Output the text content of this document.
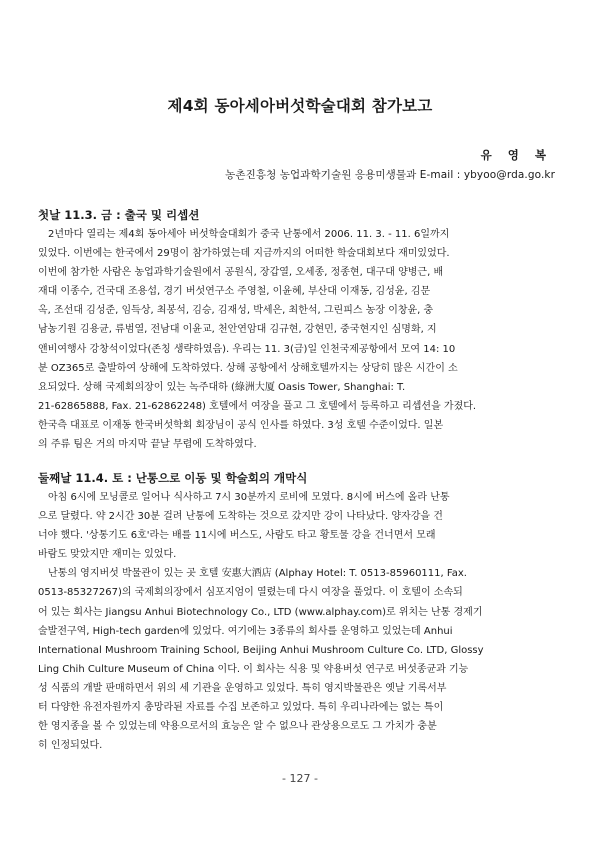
제4회 동아세아버섯학술대회 참가보고
유 영 복
농촌진흥청 농업과학기술원 응용미생물과 E-mail : ybyoo@rda.go.kr
첫날 11.3. 금 : 출국 및 리셉션
2년마다 열리는 제4회 동아세아 버섯학술대회가 중국 난통에서 2006. 11. 3. - 11. 6일까지
있었다. 이번에는 한국에서 29명이 참가하였는데 지금까지의 어떠한 학술대회보다 재미있었다.
이번에 참가한 사람은 농업과학기술원에서 공원식, 장갑열, 오세종, 정종현, 대구대 양병근, 배
재대 이종수, 건국대 조용섭, 경기 버섯연구소 주영철, 이윤혜, 부산대 이재동, 김성윤, 김문
옥, 조선대 김성준, 임득상, 최봉석, 김승, 김재성, 박세은, 최한석, 그린피스 농장 이창윤, 충
남농기원 김용균, 류범열, 전남대 이윤교, 천안연암대 김규현, 강현민, 중국현지인 심명화, 지
앤비여행사 강창석이었다(존칭 생략하였음). 우리는 11. 3(금)일 인천국제공항에서 모여 14: 10
분 OZ365로 출발하여 상해에 도착하였다. 상해 공항에서 상해호텔까지는 상당히 많은 시간이 소
요되었다. 상해 국제회의장이 있는 녹주대하 (綠洲大厦 Oasis Tower, Shanghai: T.
21-62865888, Fax. 21-62862248) 호텔에서 여장을 풀고 그 호텔에서 등록하고 리셉션을 가졌다.
한국측 대표로 이재동 한국버섯학회 회장님이 공식 인사를 하였다. 3성 호텔 수준이었다. 일본
의 주류 팀은 거의 마지막 끝날 무렵에 도착하였다.
둘째날 11.4. 토 : 난통으로 이동 및 학술회의 개막식
아침 6시에 모닝콜로 일어나 식사하고 7시 30분까지 로비에 모였다. 8시에 버스에 올라 난통
으로 달렸다. 약 2시간 30분 걸려 난통에 도착하는 것으로 갔지만 강이 나타났다. 양자강을 건
너야 했다. '상통기도 6호'라는 배를 11시에 버스도, 사람도 타고 황토물 강을 건너면서 모래
바람도 맞았지만 재미는 있었다.
난통의 영지버섯 박물관이 있는 곳 호텔 安惠大酒店 (Alphay Hotel: T. 0513-85960111, Fax.
0513-85327267)의 국제회의장에서 심포지엄이 열렸는데 다시 여장을 풀었다. 이 호텔이 소속되
어 있는 회사는 Jiangsu Anhui Biotechnology Co., LTD (www.alphay.com)로 위치는 난통 경제기
술발전구역, High-tech garden에 있었다. 여기에는 3종류의 회사를 운영하고 있었는데 Anhui
International Mushroom Training School, Beijing Anhui Mushroom Culture Co. LTD, Glossy
Ling Chih Culture Museum of China 이다. 이 회사는 식용 및 약용버섯 연구로 버섯종균과 기능
성 식품의 개발 판매하면서 위의 세 기관을 운영하고 있었다. 특히 영지박물관은 옛날 기록서부
터 다양한 유전자원까지 총망라된 자료를 수집 보존하고 있었다. 특히 우리나라에는 없는 특이
한 영지종을 볼 수 있었는데 약용으로서의 효능은 알 수 없으나 관상용으로도 그 가치가 충분
히 인정되었다.
- 127 -
